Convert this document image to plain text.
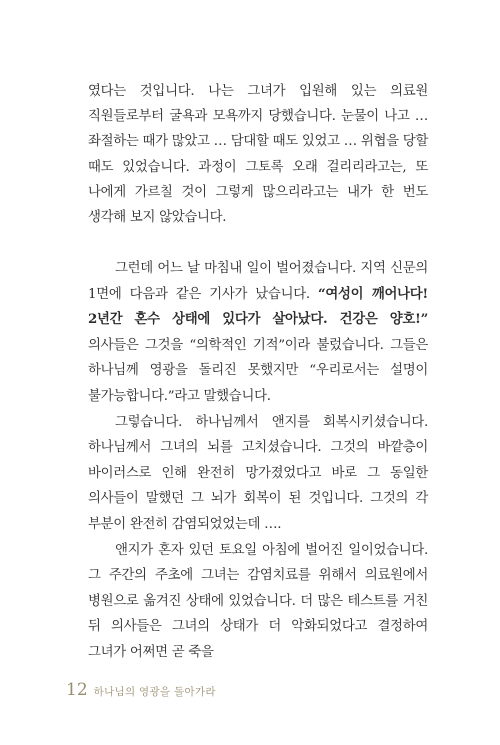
였다는 것입니다. 나는 그녀가 입원해 있는 의료원 직원들로부터 굴욕과 모욕까지 당했습니다. 눈물이 나고 … 좌절하는 때가 많았고 … 담대할 때도 있었고 … 위협을 당할 때도 있었습니다. 과정이 그토록 오래 걸리리라고는, 또 나에게 가르칠 것이 그렇게 많으리라고는 내가 한 번도 생각해 보지 않았습니다.

그런데 어느 날 마침내 일이 벌어졌습니다. 지역 신문의 1면에 다음과 같은 기사가 났습니다. “여성이 깨어나다! 2년간 혼수 상태에 있다가 살아났다. 건강은 양호!” 의사들은 그것을 “의학적인 기적”이라 불렀습니다. 그들은 하나님께 영광을 돌리진 못했지만 “우리로서는 설명이 불가능합니다.”라고 말했습니다.

그렇습니다. 하나님께서 앤지를 회복시키셨습니다. 하나님께서 그녀의 뇌를 고치셨습니다. 그것의 바깥층이 바이러스로 인해 완전히 망가졌었다고 바로 그 동일한 의사들이 말했던 그 뇌가 회복이 된 것입니다. 그것의 각 부분이 완전히 감염되었었는데 ….

앤지가 혼자 있던 토요일 아침에 벌어진 일이었습니다. 그 주간의 주초에 그녀는 감염치료를 위해서 의료원에서 병원으로 옮겨진 상태에 있었습니다. 더 많은 테스트를 거친 뒤 의사들은 그녀의 상태가 더 악화되었다고 결정하여 그녀가 어쩌면 곧 죽을

12 하나님의 영광을 돌아가라
